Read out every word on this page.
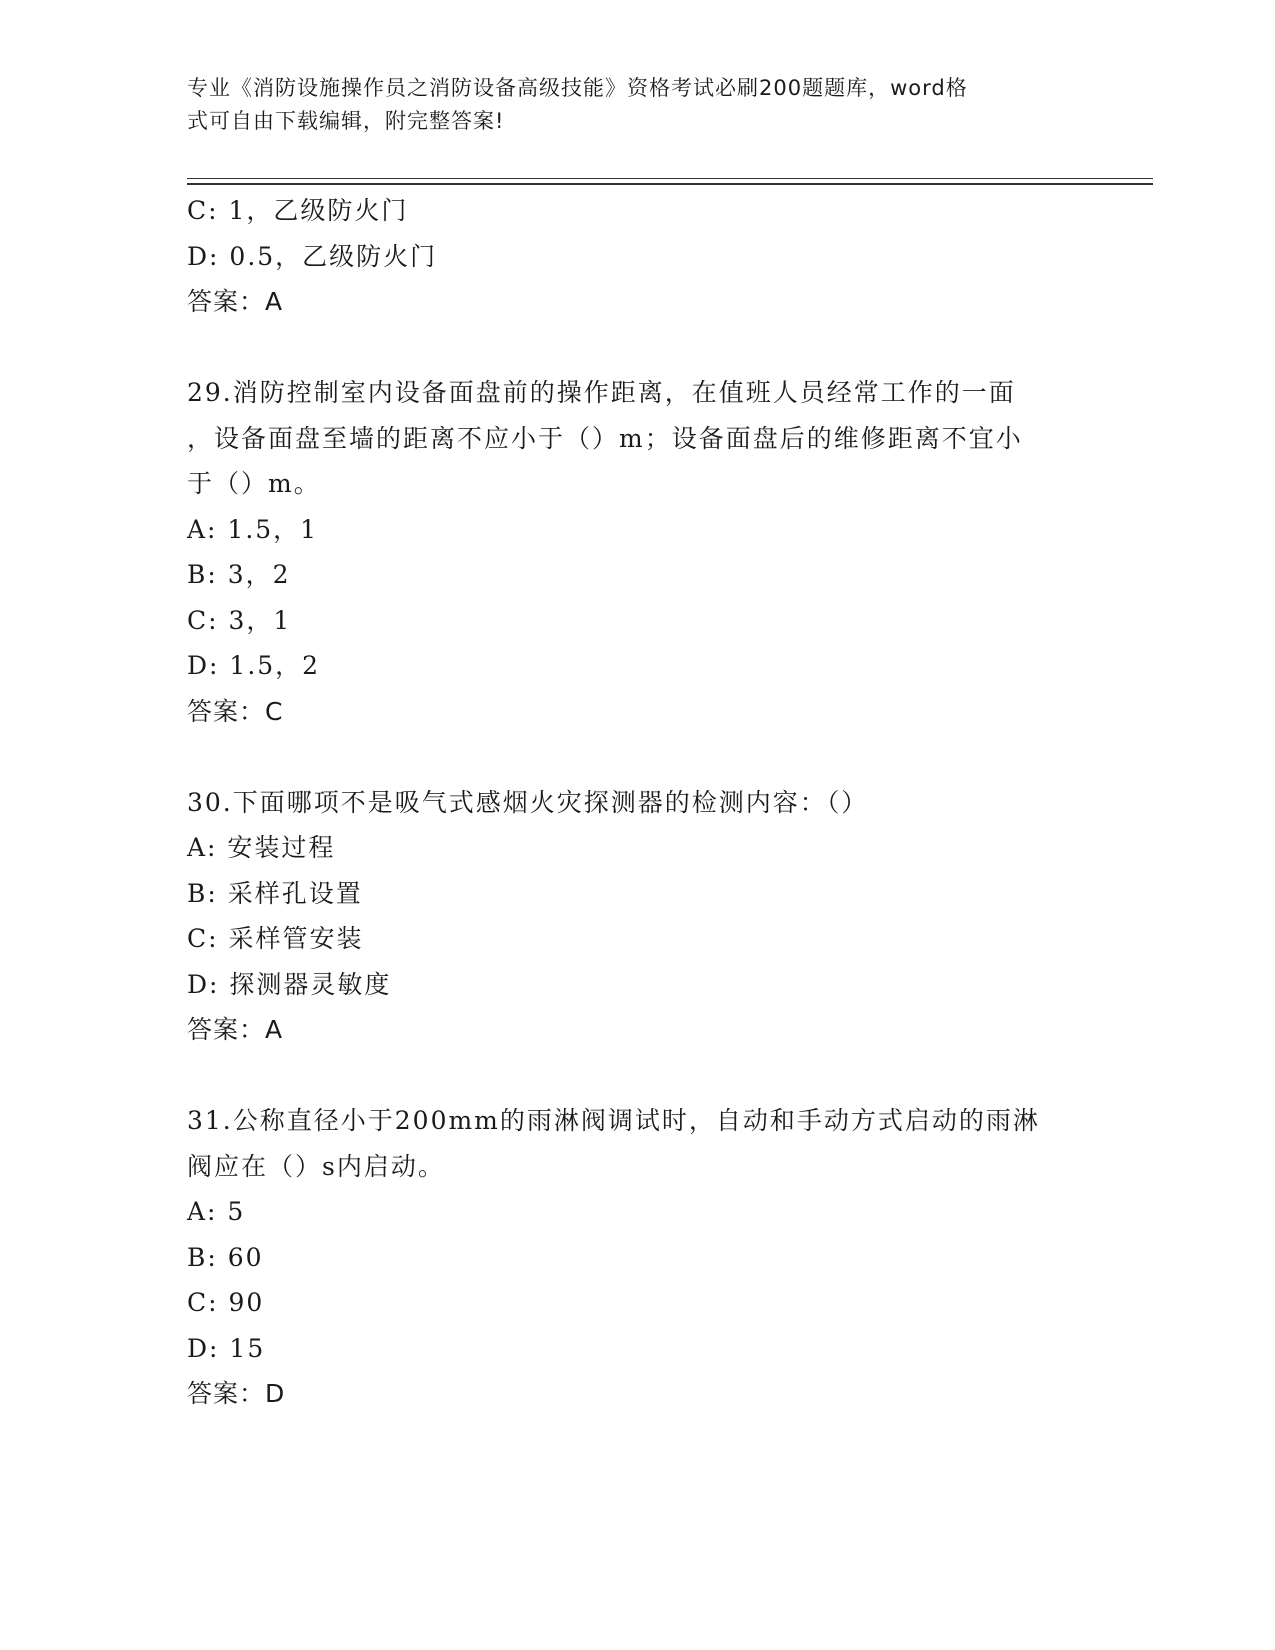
专业《消防设施操作员之消防设备高级技能》资格考试必刷200题题库，word格
式可自由下载编辑，附完整答案!
C: 1，乙级防火门
D: 0.5，乙级防火门
答案：A
29.消防控制室内设备面盘前的操作距离，在值班人员经常工作的一面
，设备面盘至墙的距离不应小于（）m；设备面盘后的维修距离不宜小
于（）m。
A: 1.5，1
B: 3，2
C: 3，1
D: 1.5，2
答案：C
30.下面哪项不是吸气式感烟火灾探测器的检测内容：（）
A: 安装过程
B: 采样孔设置
C: 采样管安装
D: 探测器灵敏度
答案：A
31.公称直径小于200mm的雨淋阀调试时，自动和手动方式启动的雨淋
阀应在（）s内启动。
A: 5
B: 60
C: 90
D: 15
答案：D
